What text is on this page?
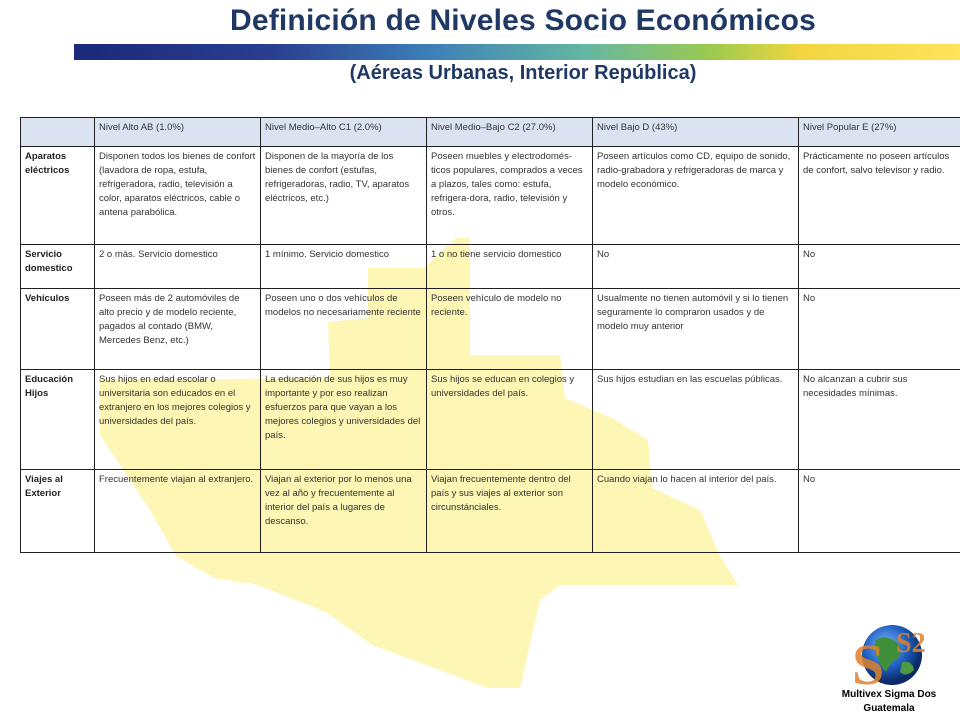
Definición de Niveles Socio Económicos
(Aéreas Urbanas, Interior República)
	Nivel Alto AB (1.0%)	Nivel Medio–Alto C1 (2.0%)	Nivel Medio–Bajo C2 (27.0%)	Nivel Bajo D (43%)	Nivel Popular E (27%)
Aparatos eléctricos	Disponen todos los bienes de confort (lavadora de ropa, estufa, refrigeradora, radio, televisión a color, aparatos eléctricos, cable o antena parabólica.	Disponen de la mayoría de los bienes de confort (estufas, refrigeradoras, radio, TV, aparatos eléctricos, etc.)	Poseen muebles y electrodomés-ticos populares, comprados a veces a plazos, tales como: estufa, refrigera-dora, radio, televisión y otros.	Poseen artículos como CD, equipo de sonido, radio-grabadora y refrigeradoras de marca y modelo económico.	Prácticamente no poseen artículos de confort, salvo televisor y radio.
Servicio domestico	2 o más. Servicio domestico	1 mínimo. Servicio domestico	1 o no tiene servicio domestico	No	No
Vehículos	Poseen más de 2 automóviles de alto precio y de modelo reciente, pagados al contado (BMW, Mercedes Benz, etc.)	Poseen uno o dos vehículos de modelos no necesariamente reciente	Poseen vehículo de modelo no reciente.	Usualmente no tienen automóvil y si lo tienen seguramente lo compraron usados y de modelo muy anterior	No
Educación Hijos	Sus hijos en edad escolar o universitaria son educados en el extranjero en los mejores colegios y universidades del país.	La educación de sus hijos es muy importante y por eso realizan esfuerzos para que vayan a los mejores colegios y universidades del país.	Sus hijos se educan en colegios y universidades del país.	Sus hijos estudian en las escuelas públicas.	No alcanzan a cubrir sus necesidades mínimas.
Viajes al Exterior	Frecuentemente viajan al extranjero.	Viajan al exterior por lo menos una vez al año y frecuentemente al interior del país a lugares de descanso.	Viajan frecuentemente dentro del país y sus viajes al exterior son circunstánciales.	Cuando viajan lo hacen al interior del país.	No
S S2
Multivex Sigma Dos
Guatemala
